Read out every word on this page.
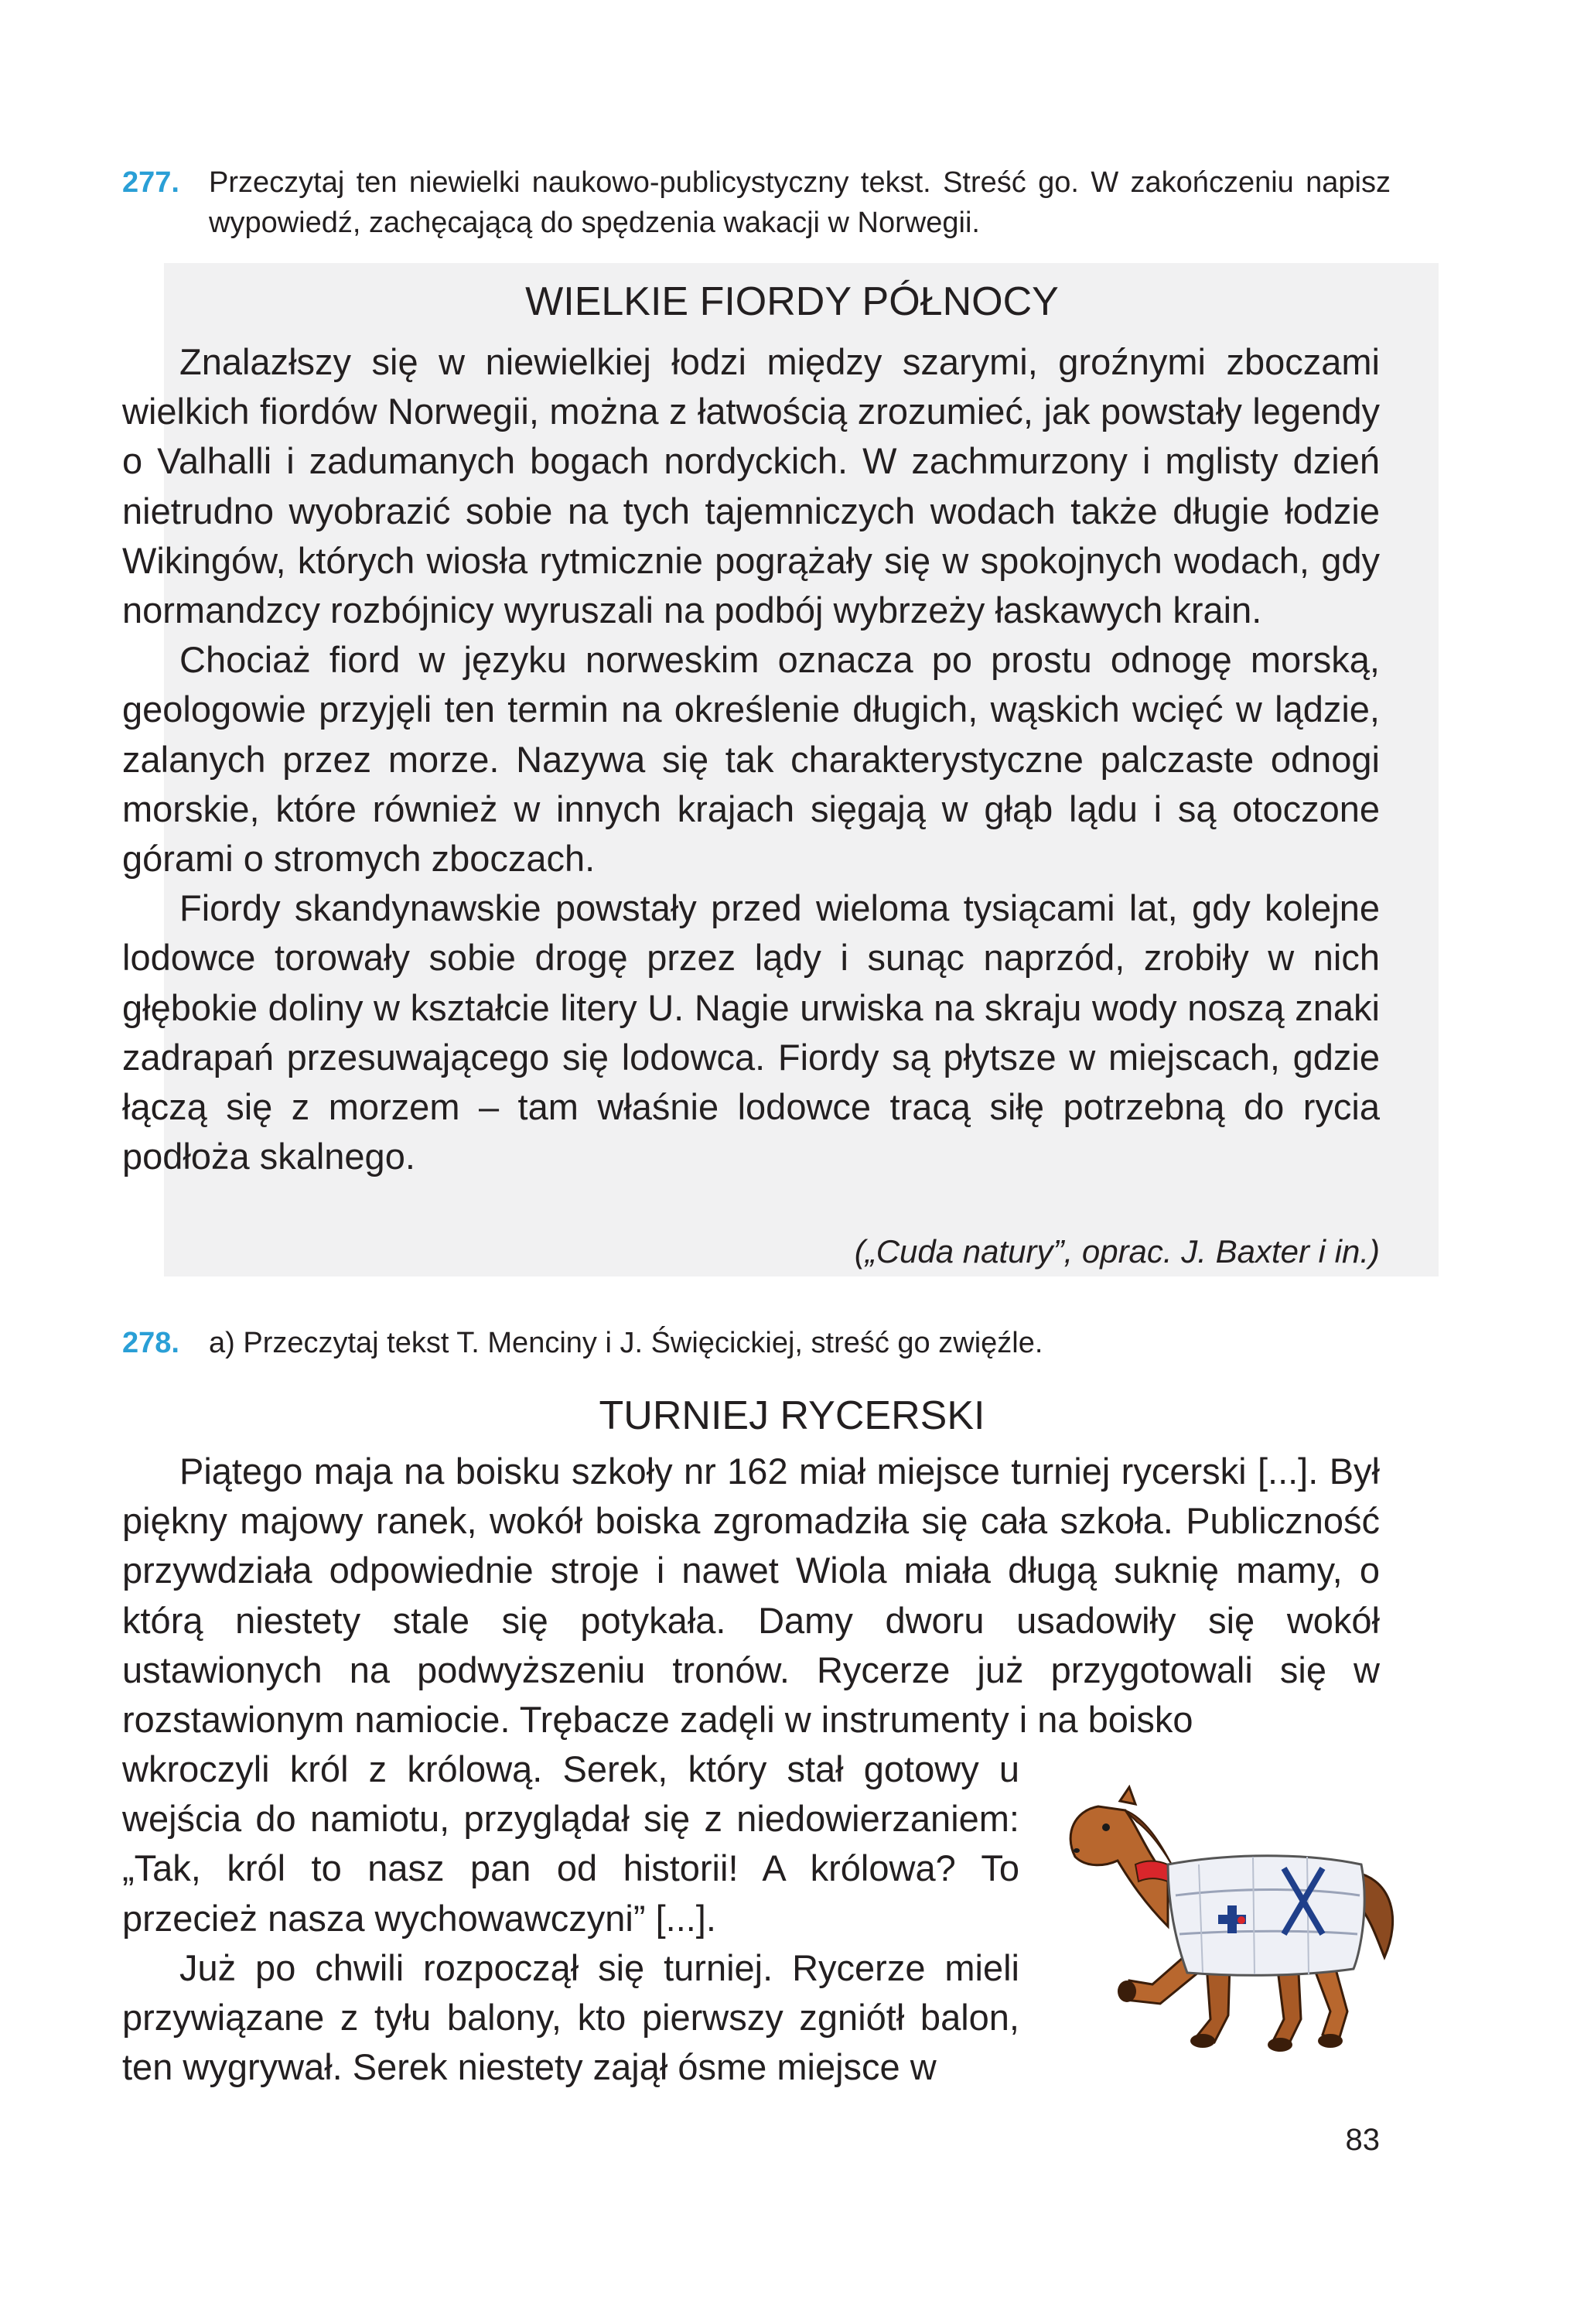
277. Przeczytaj ten niewielki naukowo-publicystyczny tekst. Streść go. W zakończeniu napisz wypowiedź, zachęcającą do spędzenia wakacji w Norwegii.
WIELKIE FIORDY PÓŁNOCY

Znalazłszy się w niewielkiej łodzi między szarymi, groźnymi zboczami wielkich fiordów Norwegii, można z łatwością zrozumieć, jak powstały legendy o Valhalli i zadumanych bogach nordyckich. W zachmurzony i mglisty dzień nietrudno wyobrazić sobie na tych tajemniczych wodach także długie łodzie Wikingów, których wiosła rytmicznie pogrążały się w spokojnych wodach, gdy normandzcy rozbójnicy wyruszali na podbój wybrzeży łaskawych krain.

Chociaż fiord w języku norweskim oznacza po prostu odnogę morską, geologowie przyjęli ten termin na określenie długich, wąskich wcięć w lądzie, zalanych przez morze. Nazywa się tak charakterystyczne palczaste odnogi morskie, które również w innych krajach sięgają w głąb lądu i są otoczone górami o stromych zboczach.

Fiordy skandynawskie powstały przed wieloma tysiącami lat, gdy kolejne lodowce torowały sobie drogę przez lądy i sunąc naprzód, zrobiły w nich głębokie doliny w kształcie litery U. Nagie urwiska na skraju wody noszą znaki zadrapań przesuwającego się lodowca. Fiordy są płytsze w miejscach, gdzie łączą się z morzem – tam właśnie lodowce tracą siłę potrzebną do rycia podłoża skalnego.

(„Cuda natury”, oprac. J. Baxter i in.)
278. a) Przeczytaj tekst T. Menciny i J. Święcickiej, streść go zwięźle.
TURNIEJ RYCERSKI

Piątego maja na boisku szkoły nr 162 miał miejsce turniej rycerski [...]. Był piękny majowy ranek, wokół boiska zgromadziła się cała szkoła. Publiczność przywdziała odpowiednie stroje i nawet Wiola miała długą suknię mamy, o którą niestety stale się potykała. Damy dworu usadowiły się wokół ustawionych na podwyższeniu tronów. Rycerze już przygotowali się w rozstawionym namiocie. Trębacze zadęli w instrumenty i na boisko

wkroczyli król z królową. Serek, który stał gotowy u wejścia do namiotu, przyglądał się z niedowierzaniem: „Tak, król to nasz pan od historii! A królowa? To przecież nasza wychowawczyni” [...].

Już po chwili rozpoczął się turniej. Rycerze mieli przywiązane z tyłu balony, kto pierwszy zgniótł balon, ten wygrywał. Serek niestety zajął ósme miejsce w

83
